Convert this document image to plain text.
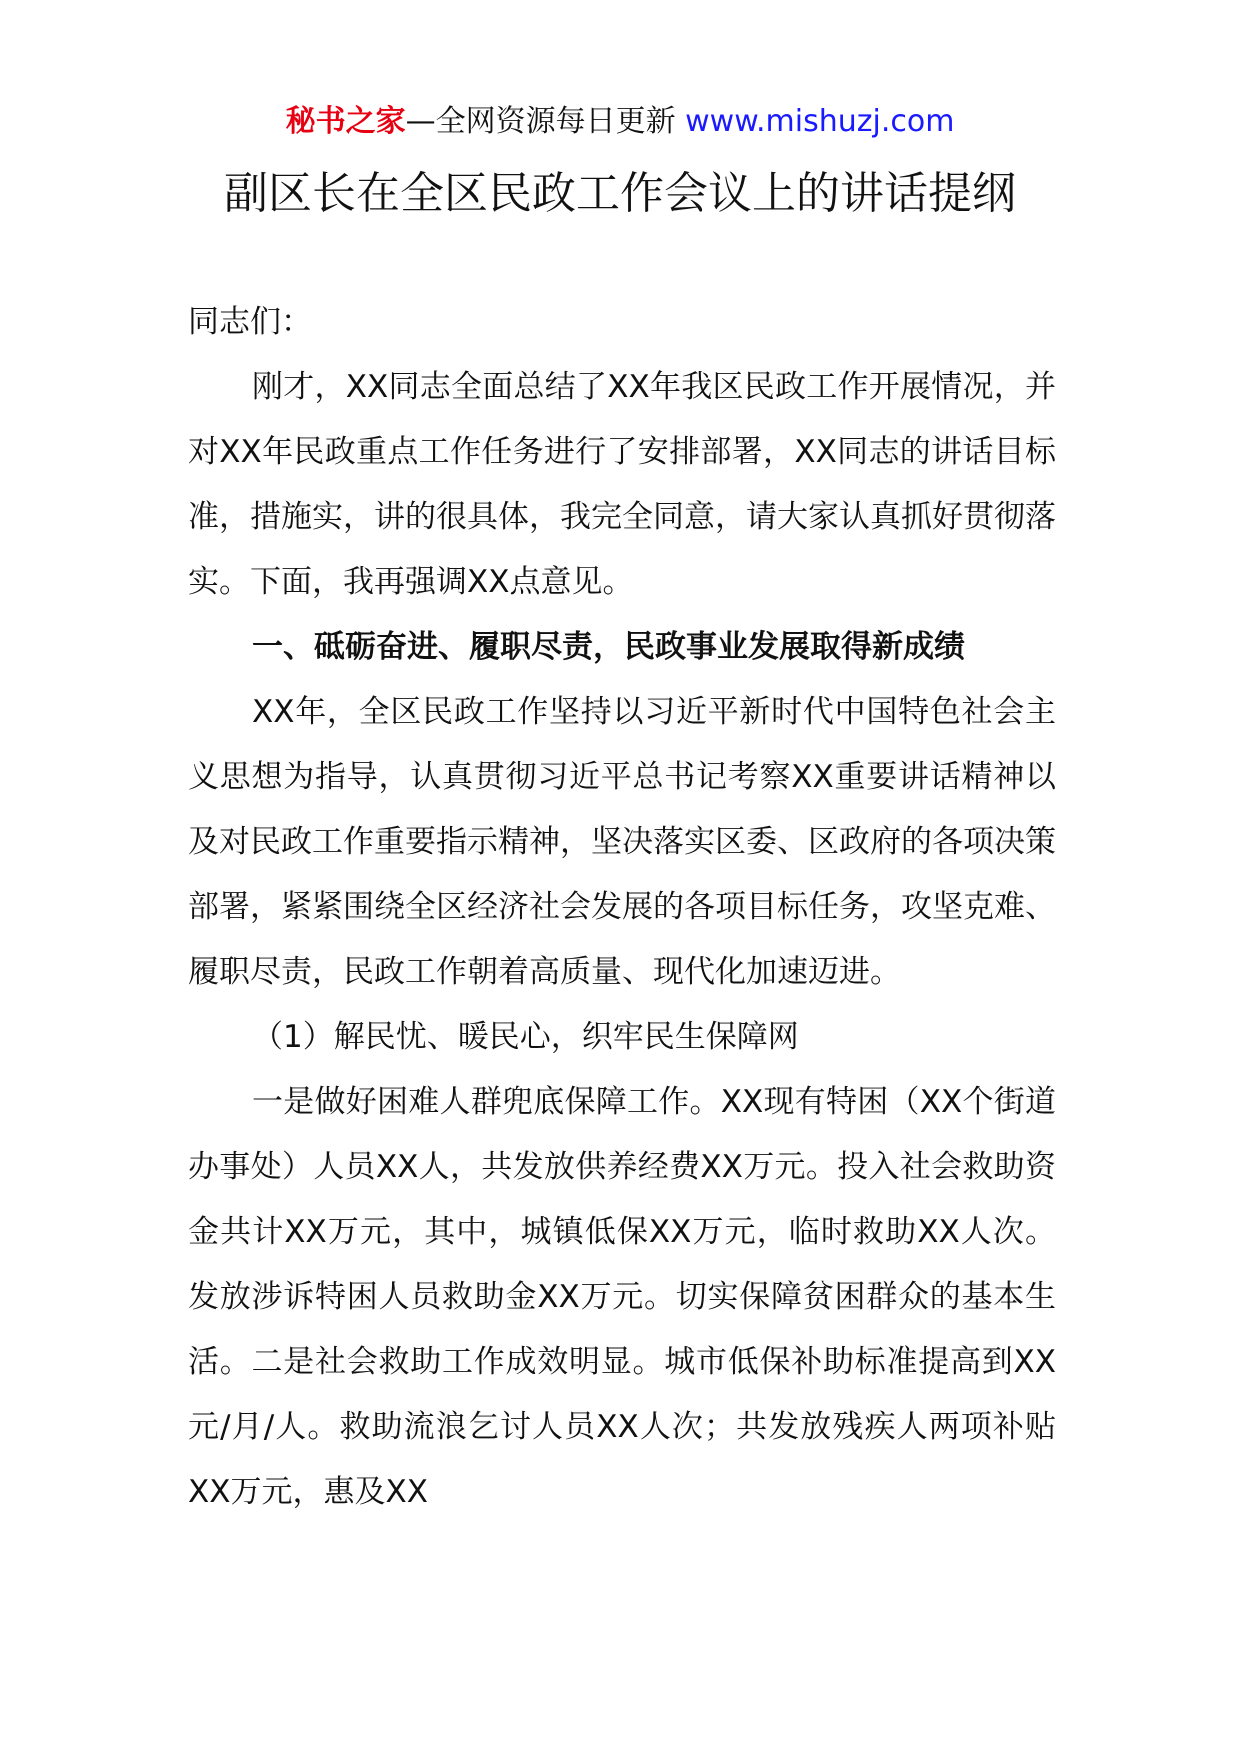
秘书之家—全网资源每日更新 www.mishuzj.com
副区长在全区民政工作会议上的讲话提纲

同志们：

刚才，XX同志全面总结了XX年我区民政工作开展情况，并对XX年民政重点工作任务进行了安排部署，XX同志的讲话目标准，措施实，讲的很具体，我完全同意，请大家认真抓好贯彻落实。下面，我再强调XX点意见。

一、砥砺奋进、履职尽责，民政事业发展取得新成绩

XX年，全区民政工作坚持以习近平新时代中国特色社会主义思想为指导，认真贯彻习近平总书记考察XX重要讲话精神以及对民政工作重要指示精神，坚决落实区委、区政府的各项决策部署，紧紧围绕全区经济社会发展的各项目标任务，攻坚克难、履职尽责，民政工作朝着高质量、现代化加速迈进。

（1）解民忧、暖民心，织牢民生保障网

一是做好困难人群兜底保障工作。XX现有特困（XX个街道办事处）人员XX人，共发放供养经费XX万元。投入社会救助资金共计XX万元，其中，城镇低保XX万元，临时救助XX人次。发放涉诉特困人员救助金XX万元。切实保障贫困群众的基本生活。二是社会救助工作成效明显。城市低保补助标准提高到XX元/月/人。救助流浪乞讨人员XX人次；共发放残疾人两项补贴XX万元，惠及XX
